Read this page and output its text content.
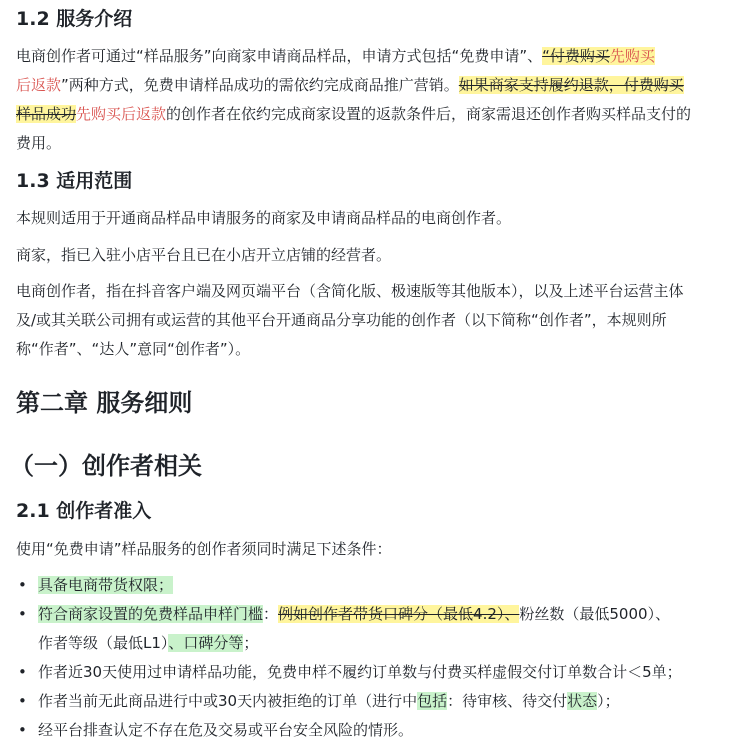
1.2 服务介绍
电商创作者可通过“样品服务”向商家申请商品样品，申请方式包括“免费申请”、“付费购买先购买
后返款”两种方式，免费申请样品成功的需依约完成商品推广营销。如果商家支持履约退款，付费购买
样品成功先购买后返款的创作者在依约完成商家设置的返款条件后，商家需退还创作者购买样品支付的
费用。
1.3 适用范围
本规则适用于开通商品样品申请服务的商家及申请商品样品的电商创作者。
商家，指已入驻小店平台且已在小店开立店铺的经营者。
电商创作者，指在抖音客户端及网页端平台（含简化版、极速版等其他版本），以及上述平台运营主体
及/或其关联公司拥有或运营的其他平台开通商品分享功能的创作者（以下简称“创作者”，本规则所
称“作者”、“达人”意同“创作者”）。
第二章 服务细则
（一）创作者相关
2.1 创作者准入
使用“免费申请”样品服务的创作者须同时满足下述条件：
• 具备电商带货权限；
• 符合商家设置的免费样品申样门槛：例如创作者带货口碑分（最低4.2）、粉丝数（最低5000）、
作者等级（最低L1）、口碑分等；
• 作者近30天使用过申请样品功能，免费申样不履约订单数与付费买样虚假交付订单数合计＜5单；
• 作者当前无此商品进行中或30天内被拒绝的订单（进行中包括：待审核、待交付状态）；
• 经平台排查认定不存在危及交易或平台安全风险的情形。
